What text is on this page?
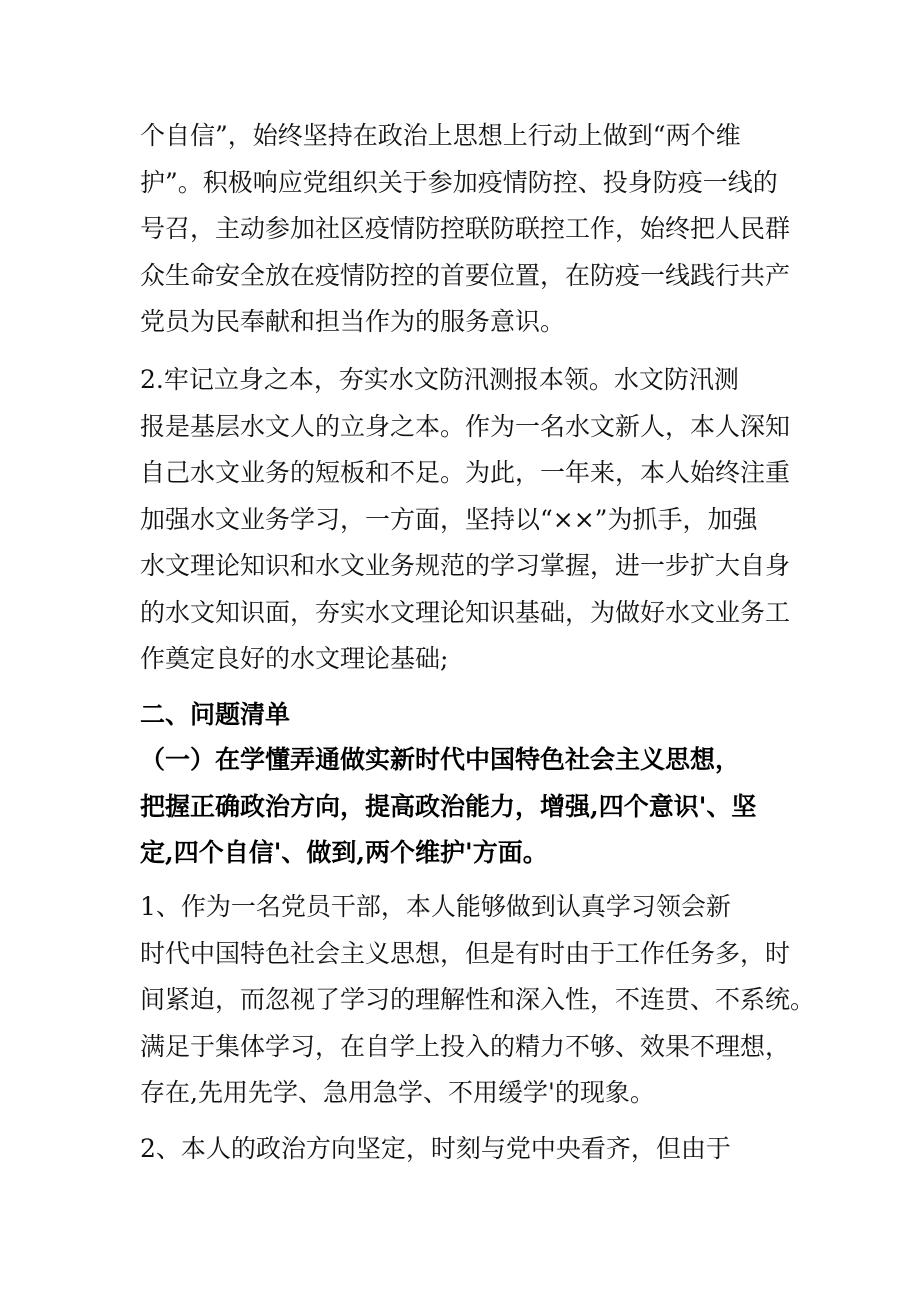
个自信”，始终坚持在政治上思想上行动上做到“两个维
护”。积极响应党组织关于参加疫情防控、投身防疫一线的
号召，主动参加社区疫情防控联防联控工作，始终把人民群
众生命安全放在疫情防控的首要位置，在防疫一线践行共产
党员为民奉献和担当作为的服务意识。

2.牢记立身之本，夯实水文防汛测报本领。水文防汛测
报是基层水文人的立身之本。作为一名水文新人，本人深知
自己水文业务的短板和不足。为此，一年来，本人始终注重
加强水文业务学习，一方面，坚持以“××”为抓手，加强
水文理论知识和水文业务规范的学习掌握，进一步扩大自身
的水文知识面，夯实水文理论知识基础，为做好水文业务工
作奠定良好的水文理论基础;

二、问题清单

（一）在学懂弄通做实新时代中国特色社会主义思想，
把握正确政治方向，提高政治能力，增强,四个意识'、坚
定,四个自信'、做到,两个维护'方面。

1、作为一名党员干部，本人能够做到认真学习领会新
时代中国特色社会主义思想，但是有时由于工作任务多，时
间紧迫，而忽视了学习的理解性和深入性，不连贯、不系统。
满足于集体学习，在自学上投入的精力不够、效果不理想，
存在,先用先学、急用急学、不用缓学'的现象。

2、本人的政治方向坚定，时刻与党中央看齐，但由于
